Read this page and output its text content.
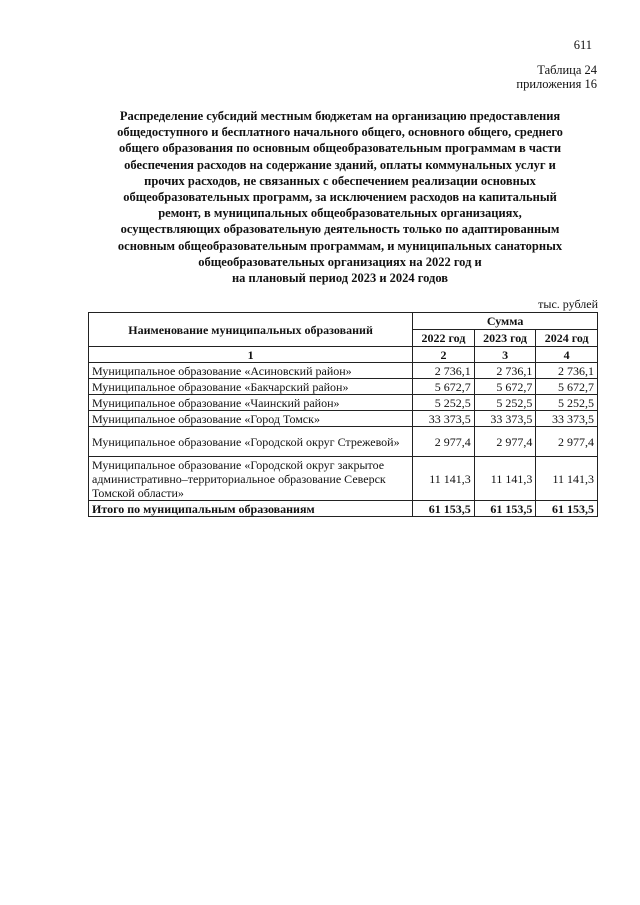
611
Таблица 24
приложения 16
Распределение субсидий местным бюджетам на организацию предоставления
общедоступного и бесплатного начального общего, основного общего, среднего
общего образования по основным общеобразовательным программам в части
обеспечения расходов на содержание зданий, оплаты коммунальных услуг и
прочих расходов, не связанных с обеспечением реализации основных
общеобразовательных программ, за исключением расходов на капитальный
ремонт, в муниципальных общеобразовательных организациях,
осуществляющих образовательную деятельность только по адаптированным
основным общеобразовательным программам, и муниципальных санаторных
общеобразовательных организациях на 2022 год и
на плановый период 2023 и 2024 годов
тыс. рублей
Наименование муниципальных образований	Сумма		
	2022 год	2023 год	2024 год
1	2	3	4
Муниципальное образование «Асиновский район»	2 736,1	2 736,1	2 736,1
Муниципальное образование «Бакчарский район»	5 672,7	5 672,7	5 672,7
Муниципальное образование «Чаинский район»	5 252,5	5 252,5	5 252,5
Муниципальное образование «Город Томск»	33 373,5	33 373,5	33 373,5
Муниципальное образование «Городской округ Стрежевой»	2 977,4	2 977,4	2 977,4
Муниципальное образование «Городской округ закрытое административно–территориальное образование Северск Томской области»	11 141,3	11 141,3	11 141,3
Итого по муниципальным образованиям	61 153,5	61 153,5	61 153,5
